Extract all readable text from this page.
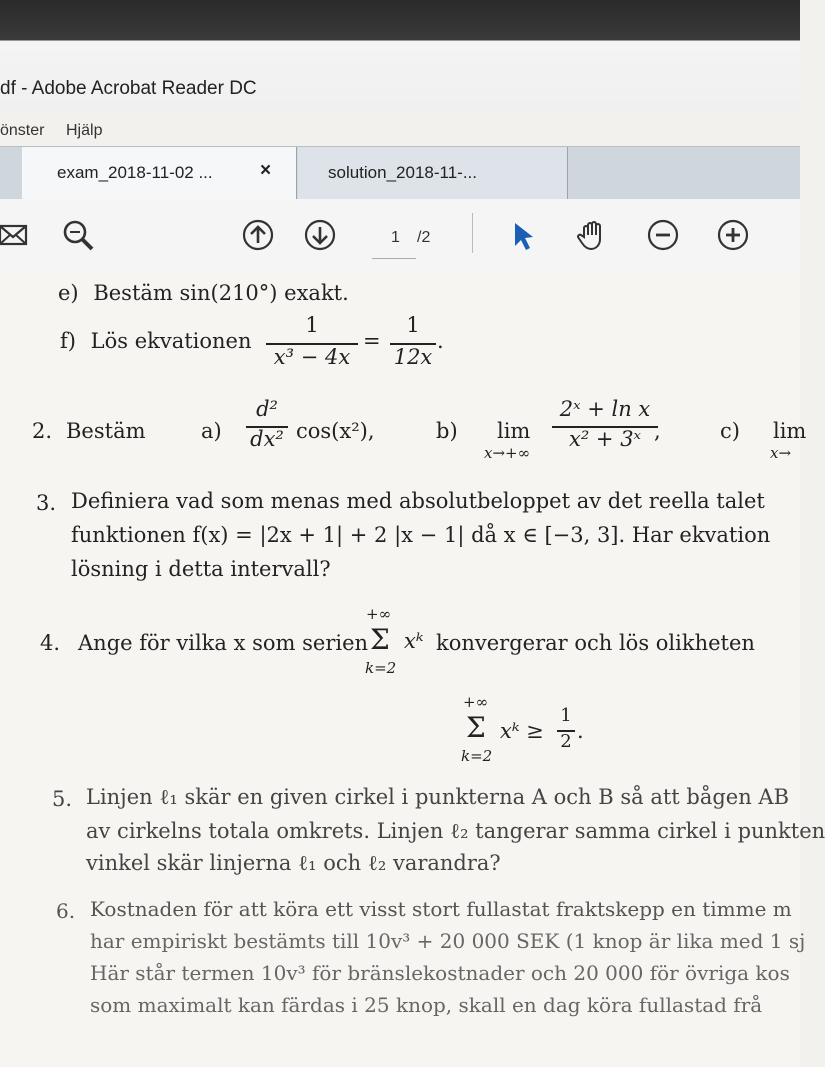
df - Adobe Acrobat Reader DC
önster Hjälp
exam_2018-11-02 ... ×	solution_2018-11-...
1 /2
e) Bestäm sin(210°) exakt.
f) Lös ekvationen
1
x³ − 4x
=
1
12x
.
2. Bestäm	a)
d²
dx² cos(x²),	b) lim
x→+∞
2ˣ + ln x
x² + 3ˣ ,	c) lim
x→
3. Definiera vad som menas med absolutbeloppet av det reella talet
funktionen f(x) = |2x + 1| + 2 |x − 1| då x ∈ [−3, 3]. Har ekvation
lösning i detta intervall?
4. Ange för vilka x som serien
+∞
Σ
k=2
xᵏ konvergerar och lös olikheten
+∞
Σ
k=2
xᵏ ≥
1
2 .
5. Linjen ℓ₁ skär en given cirkel i punkterna A och B så att bågen AB
av cirkelns totala omkrets. Linjen ℓ₂ tangerar samma cirkel i punkten
vinkel skär linjerna ℓ₁ och ℓ₂ varandra?
6. Kostnaden för att köra ett visst stort fullastat fraktskepp en timme m
har empiriskt bestämts till 10v³ + 20 000 SEK (1 knop är lika med 1 sj
Här står termen 10v³ för bränslekostnader och 20 000 för övriga kos
som maximalt kan färdas i 25 knop, skall en dag köra fullastad frå
